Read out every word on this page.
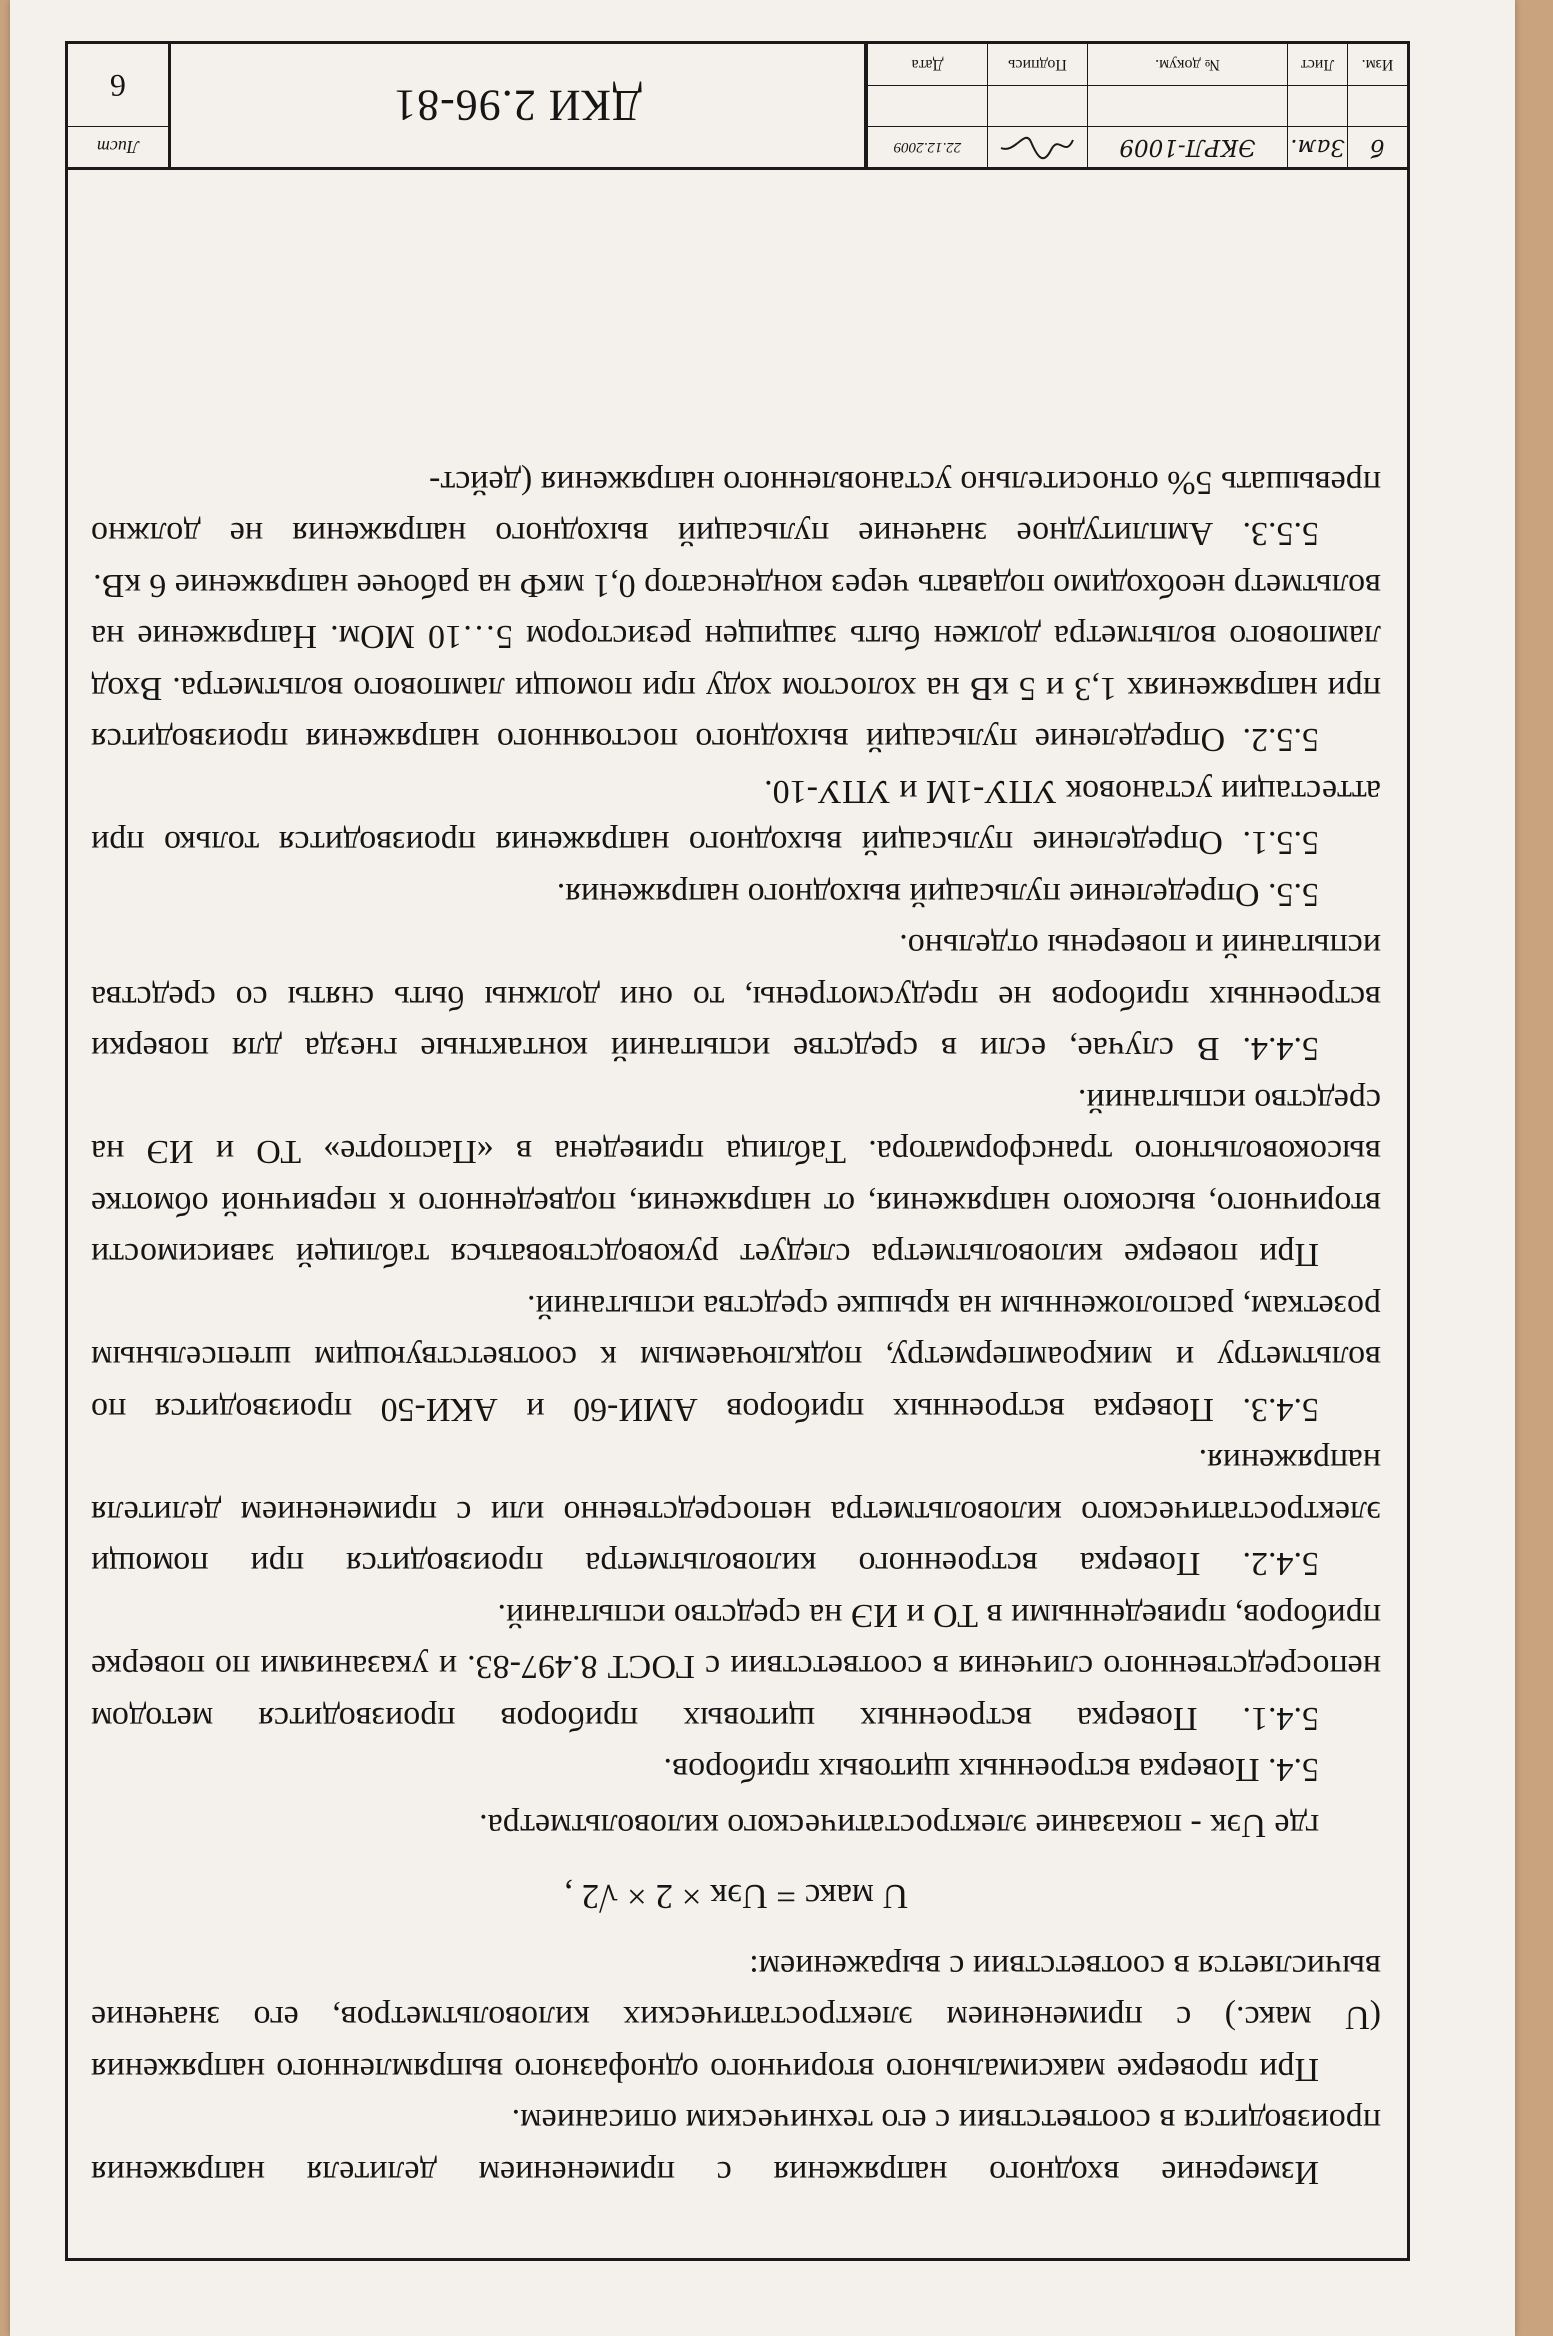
Измерение входного напряжения с применением делителя напряжения производится в соответствии с его техническим описанием.

При проверке максимального вторичного однофазного выпрямленного напряжения (U макс.) с применением электростатических киловольтметров, его значение вычисляется в соответствии с выражением:

U макс = Uэк × 2 × √2 ,

где Uэк - показание электростатического киловольтметра.

5.4. Поверка встроенных щитовых приборов.

5.4.1. Поверка встроенных щитовых приборов производится методом непосредственного сличения в соответствии с ГОСТ 8.497-83. и указаниями по поверке приборов, приведенными в ТО и ИЭ на средство испытаний.

5.4.2. Поверка встроенного киловольтметра производится при помощи электростатического киловольтметра непосредственно или с применением делителя напряжения.

5.4.3. Поверка встроенных приборов АМИ-60 и АКИ-50 производится по вольтметру и микроамперметру, подключаемым к соответствующим штепсельным розеткам, расположенным на крышке средства испытаний.

При поверке киловольтметра следует руководствоваться таблицей зависимости вторичного, высокого напряжения, от напряжения, подведенного к первичной обмотке высоковольтного трансформатора. Таблица приведена в «Паспорте» ТО и ИЭ на средство испытаний.

5.4.4. В случае, если в средстве испытаний контактные гнезда для поверки встроенных приборов не предусмотрены, то они должны быть сняты со средства испытаний и поверены отдельно.

5.5. Определение пульсаций выходного напряжения.

5.5.1. Определение пульсаций выходного напряжения производится только при аттестации установок УПУ-1М и УПУ-10.

5.5.2. Определение пульсаций выходного постоянного напряжения производится при напряжениях 1,3 и 5 кВ на холостом ходу при помощи лампового вольтметра. Вход лампового вольтметра должен быть защищен резистором 5…10 МОм. Напряжение на вольтметр необходимо подавать через конденсатор 0,1 мкФ на рабочее напряжение 6 кВ.

5.5.3. Амплитудное значение пульсаций выходного напряжения не должно превышать 5% относительно установленного напряжения (дейст-

б
Зам.
ЭКРЛ-1009
22.12.2009
Изм.
Лист
№ докум.
Подпись
Дата
ДКИ 2.96-81
Лист
6
